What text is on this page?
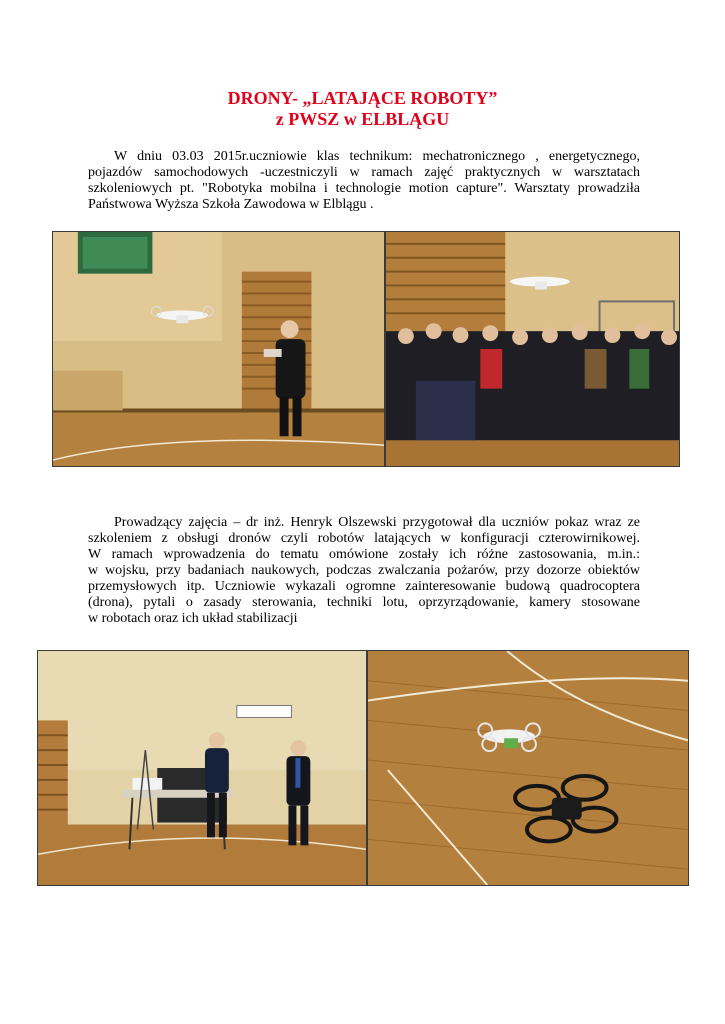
DRONY- „LATAJĄCE ROBOTY”
z PWSZ w ELBLĄGU
W dniu 03.03 2015r.uczniowie klas technikum: mechatronicznego , energetycznego,
pojazdów samochodowych -uczestniczyli w ramach zajęć praktycznych w warsztatach
szkoleniowych pt. "Robotyka mobilna i technologie motion capture". Warsztaty prowadziła
Państwowa Wyższa Szkoła Zawodowa w Elblągu .
Prowadzący zajęcia – dr inż. Henryk Olszewski przygotował dla uczniów pokaz wraz ze
szkoleniem z obsługi dronów czyli robotów latających w konfiguracji czterowirnikowej.
W ramach wprowadzenia do tematu omówione zostały ich różne zastosowania, m.in.:
w wojsku, przy badaniach naukowych, podczas zwalczania pożarów, przy dozorze obiektów
przemysłowych itp. Uczniowie wykazali ogromne zainteresowanie budową quadrocoptera
(drona), pytali o zasady sterowania, techniki lotu, oprzyrządowanie, kamery stosowane
w robotach oraz ich układ stabilizacji
